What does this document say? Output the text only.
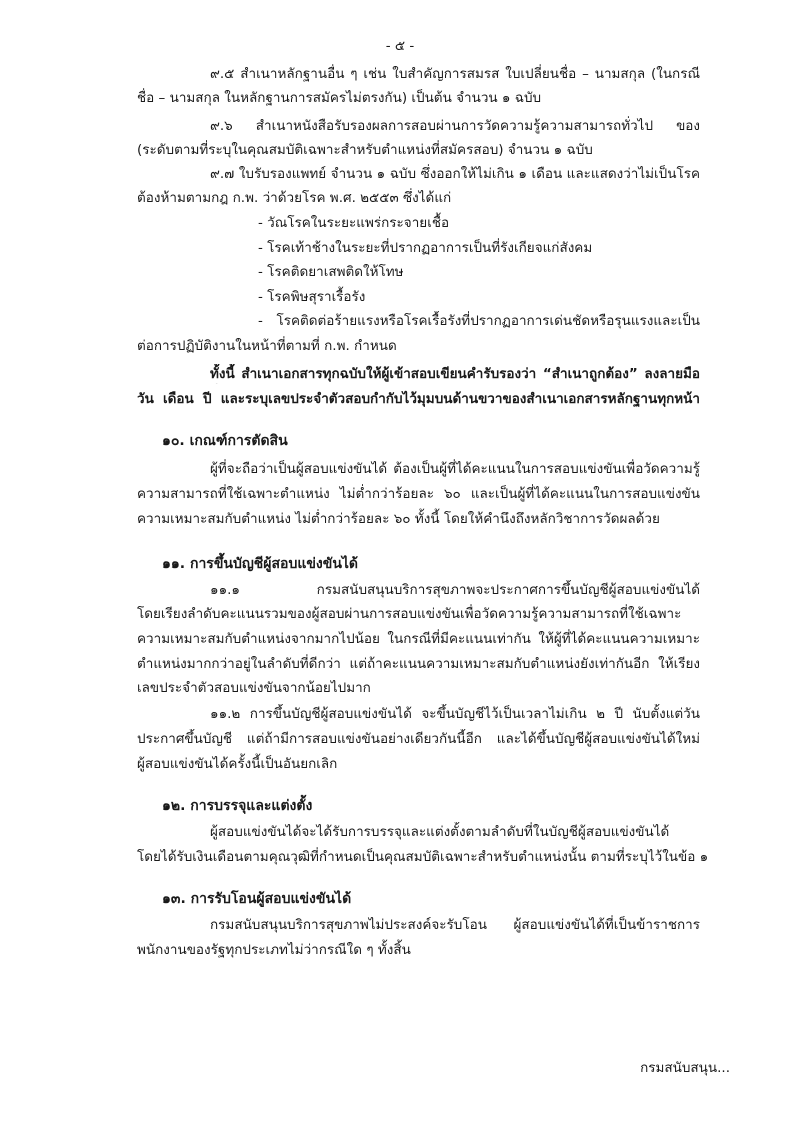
- ๕ -
๙.๕ สำเนาหลักฐานอื่น ๆ เช่น ใบสำคัญการสมรส ใบเปลี่ยนชื่อ – นามสกุล (ในกรณี
ชื่อ – นามสกุล ในหลักฐานการสมัครไม่ตรงกัน) เป็นต้น จำนวน ๑ ฉบับ
๙.๖ สำเนาหนังสือรับรองผลการสอบผ่านการวัดความรู้ความสามารถทั่วไป ของ
(ระดับตามที่ระบุในคุณสมบัติเฉพาะสำหรับตำแหน่งที่สมัครสอบ) จำนวน ๑ ฉบับ
๙.๗ ใบรับรองแพทย์ จำนวน ๑ ฉบับ ซึ่งออกให้ไม่เกิน ๑ เดือน และแสดงว่าไม่เป็นโรค
ต้องห้ามตามกฎ ก.พ. ว่าด้วยโรค พ.ศ. ๒๕๕๓ ซึ่งได้แก่
- วัณโรคในระยะแพร่กระจายเชื้อ
- โรคเท้าช้างในระยะที่ปรากฏอาการเป็นที่รังเกียจแก่สังคม
- โรคติดยาเสพติดให้โทษ
- โรคพิษสุราเรื้อรัง
- โรคติดต่อร้ายแรงหรือโรคเรื้อรังที่ปรากฏอาการเด่นชัดหรือรุนแรงและเป็น
ต่อการปฏิบัติงานในหน้าที่ตามที่ ก.พ. กำหนด
ทั้งนี้ สำเนาเอกสารทุกฉบับให้ผู้เข้าสอบเขียนคำรับรองว่า “สำเนาถูกต้อง” ลงลายมือ
วัน เดือน ปี และระบุเลขประจำตัวสอบกำกับไว้มุมบนด้านขวาของสำเนาเอกสารหลักฐานทุกหน้า
๑๐. เกณฑ์การตัดสิน
ผู้ที่จะถือว่าเป็นผู้สอบแข่งขันได้ ต้องเป็นผู้ที่ได้คะแนนในการสอบแข่งขันเพื่อวัดความรู้
ความสามารถที่ใช้เฉพาะตำแหน่ง ไม่ต่ำกว่าร้อยละ ๖๐ และเป็นผู้ที่ได้คะแนนในการสอบแข่งขัน
ความเหมาะสมกับตำแหน่ง ไม่ต่ำกว่าร้อยละ ๖๐ ทั้งนี้ โดยให้คำนึงถึงหลักวิชาการวัดผลด้วย
๑๑. การขึ้นบัญชีผู้สอบแข่งขันได้
๑๑.๑ กรมสนับสนุนบริการสุขภาพจะประกาศการขึ้นบัญชีผู้สอบแข่งขันได้
โดยเรียงลำดับคะแนนรวมของผู้สอบผ่านการสอบแข่งขันเพื่อวัดความรู้ความสามารถที่ใช้เฉพาะ
ความเหมาะสมกับตำแหน่งจากมากไปน้อย ในกรณีที่มีคะแนนเท่ากัน ให้ผู้ที่ได้คะแนนความเหมาะ
ตำแหน่งมากกว่าอยู่ในลำดับที่ดีกว่า แต่ถ้าคะแนนความเหมาะสมกับตำแหน่งยังเท่ากันอีก ให้เรียง
เลขประจำตัวสอบแข่งขันจากน้อยไปมาก
๑๑.๒ การขึ้นบัญชีผู้สอบแข่งขันได้ จะขึ้นบัญชีไว้เป็นเวลาไม่เกิน ๒ ปี นับตั้งแต่วัน
ประกาศขึ้นบัญชี แต่ถ้ามีการสอบแข่งขันอย่างเดียวกันนี้อีก และได้ขึ้นบัญชีผู้สอบแข่งขันได้ใหม่
ผู้สอบแข่งขันได้ครั้งนี้เป็นอันยกเลิก
๑๒. การบรรจุและแต่งตั้ง
ผู้สอบแข่งขันได้จะได้รับการบรรจุและแต่งตั้งตามลำดับที่ในบัญชีผู้สอบแข่งขันได้
โดยได้รับเงินเดือนตามคุณวุฒิที่กำหนดเป็นคุณสมบัติเฉพาะสำหรับตำแหน่งนั้น ตามที่ระบุไว้ในข้อ ๑
๑๓. การรับโอนผู้สอบแข่งขันได้
กรมสนับสนุนบริการสุขภาพไม่ประสงค์จะรับโอน ผู้สอบแข่งขันได้ที่เป็นข้าราชการ
พนักงานของรัฐทุกประเภทไม่ว่ากรณีใด ๆ ทั้งสิ้น
กรมสนับสนุน...
